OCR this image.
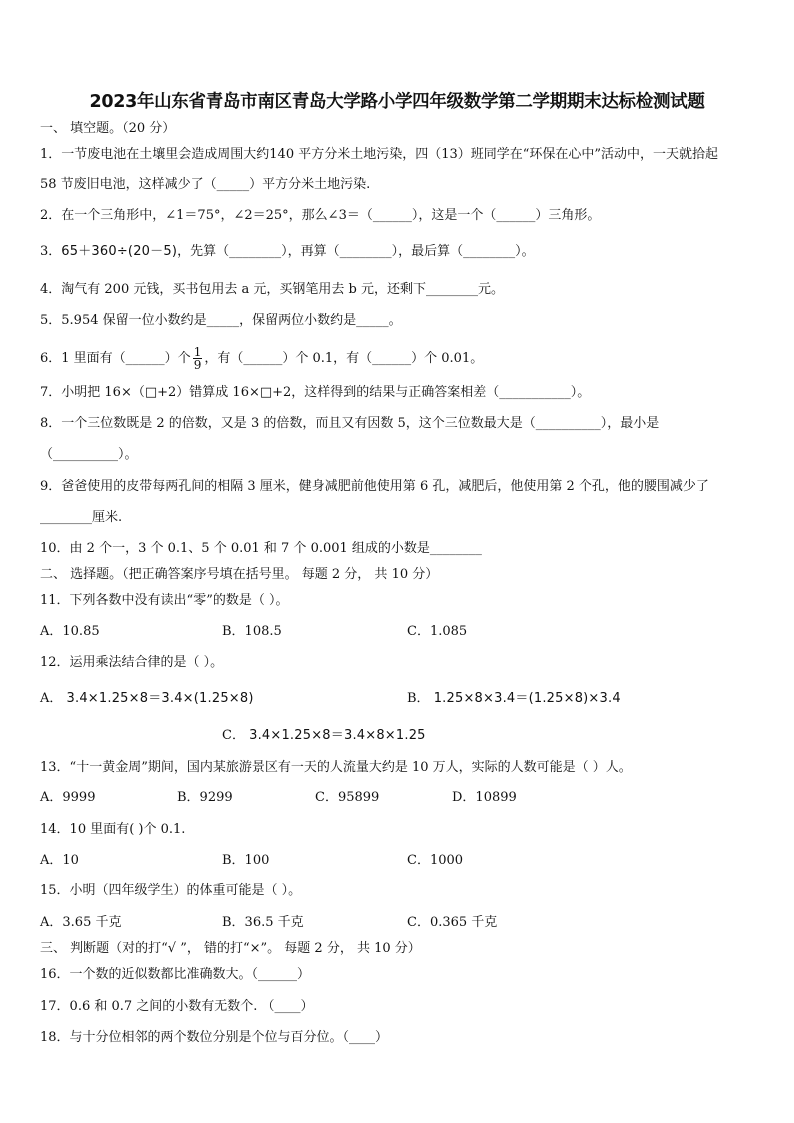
2023年山东省青岛市南区青岛大学路小学四年级数学第二学期期末达标检测试题
一、 填空题。（20 分）
1．一节废电池在土壤里会造成周围大约140 平方分米土地污染，四（13）班同学在“环保在心中”活动中，一天就拾起
58 节废旧电池，这样减少了（_____）平方分米土地污染.
2．在一个三角形中，∠1＝75°，∠2＝25°，那么∠3＝（______），这是一个（______）三角形。
3．65＋360÷(20－5)，先算（________），再算（________），最后算（________）。
4．淘气有 200 元钱，买书包用去 a 元，买钢笔用去 b 元，还剩下________元。
5．5.954 保留一位小数约是_____，保留两位小数约是_____。
6．1 里面有（______）个 $\frac{1}{9}$ ，有（______）个 0.1，有（______）个 0.01。
7．小明把 16×（□+2）错算成 16×□+2，这样得到的结果与正确答案相差（___________）。
8．一个三位数既是 2 的倍数，又是 3 的倍数，而且又有因数 5，这个三位数最大是（__________），最小是
（__________）。
9．爸爸使用的皮带每两孔间的相隔 3 厘米，健身减肥前他使用第 6 孔，减肥后，他使用第 2 个孔，他的腰围减少了
________厘米.
10．由 2 个一，3 个 0.1、5 个 0.01 和 7 个 0.001 组成的小数是________
二、 选择题。（把正确答案序号填在括号里。 每题 2 分， 共 10 分）
11．下列各数中没有读出“零”的数是（ ）。
A．10.85	B．108.5	C．1.085
12．运用乘法结合律的是（ ）。
A． 3.4×1.25×8＝3.4×(1.25×8)	B． 1.25×8×3.4＝(1.25×8)×3.4
C． 3.4×1.25×8＝3.4×8×1.25
13．“十一黄金周”期间，国内某旅游景区有一天的人流量大约是 10 万人，实际的人数可能是（ ）人。
A．9999	B．9299	C．95899	D．10899
14．10 里面有( )个 0.1.
A．10	B．100	C．1000
15．小明（四年级学生）的体重可能是（ ）。
A．3.65 千克	B．36.5 千克	C．0.365 千克
三、 判断题（对的打“√ ”， 错的打“×”。 每题 2 分， 共 10 分）
16．一个数的近似数都比准确数大。（______）
17．0.6 和 0.7 之间的小数有无数个. （____）
18．与十分位相邻的两个数位分别是个位与百分位。（____）
